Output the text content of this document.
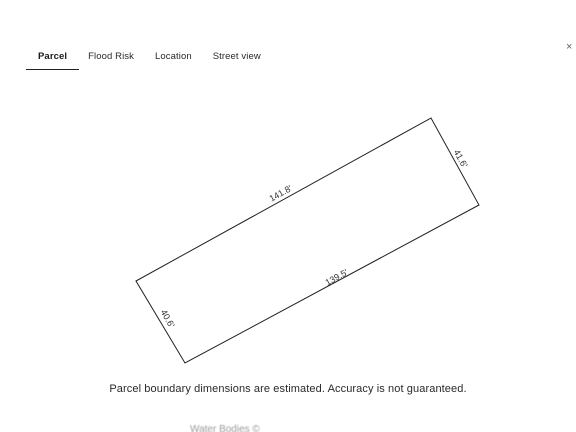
Parcel	Flood Risk Location Street view
×
141.8'
41.6'
139.5'
40.6'
Parcel boundary dimensions are estimated. Accuracy is not guaranteed.
Water Bodies ©
